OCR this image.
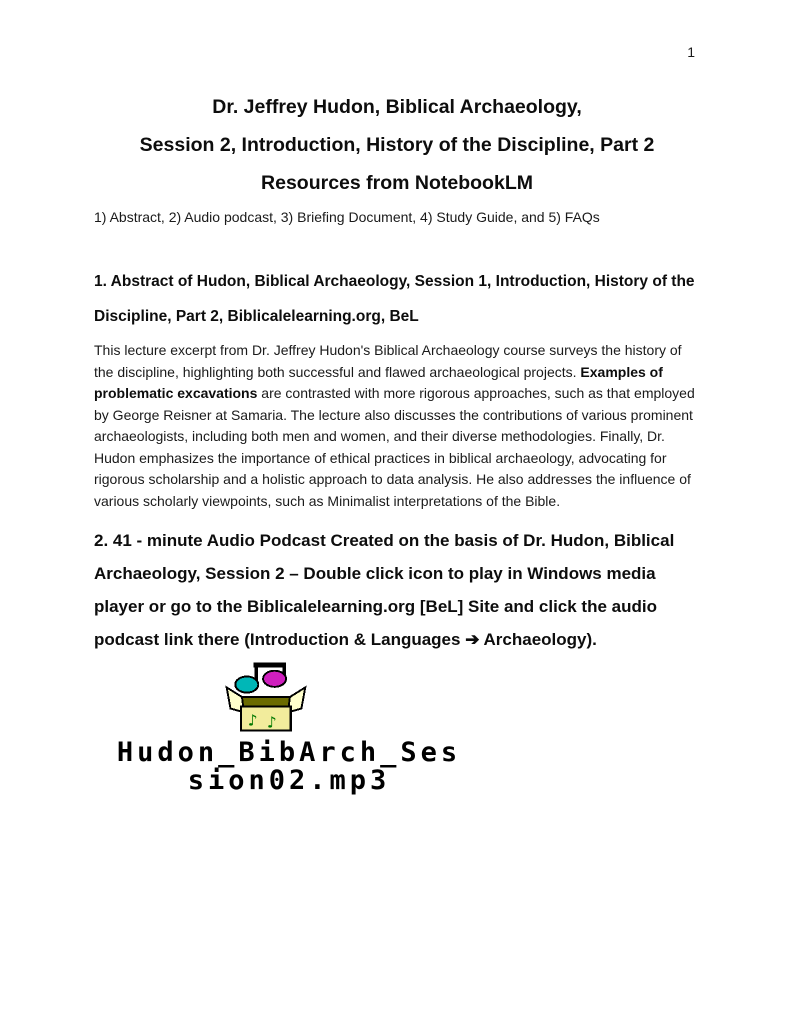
1
Dr. Jeffrey Hudon, Biblical Archaeology,
Session 2, Introduction, History of the Discipline, Part 2
Resources from NotebookLM
1) Abstract, 2) Audio podcast, 3) Briefing Document, 4) Study Guide, and 5) FAQs
1. Abstract of Hudon, Biblical Archaeology, Session 1, Introduction, History of the Discipline, Part 2, Biblicalelearning.org, BeL
This lecture excerpt from Dr. Jeffrey Hudon's Biblical Archaeology course surveys the history of the discipline, highlighting both successful and flawed archaeological projects. Examples of problematic excavations are contrasted with more rigorous approaches, such as that employed by George Reisner at Samaria. The lecture also discusses the contributions of various prominent archaeologists, including both men and women, and their diverse methodologies. Finally, Dr. Hudon emphasizes the importance of ethical practices in biblical archaeology, advocating for rigorous scholarship and a holistic approach to data analysis. He also addresses the influence of various scholarly viewpoints, such as Minimalist interpretations of the Bible.
2. 41 - minute Audio Podcast Created on the basis of Dr. Hudon, Biblical Archaeology, Session 2 – Double click icon to play in Windows media player or go to the Biblicalelearning.org [BeL] Site and click the audio podcast link there (Introduction & Languages ➔ Archaeology).
♪ ♪
Hudon_BibArch_Ses
sion02.mp3
